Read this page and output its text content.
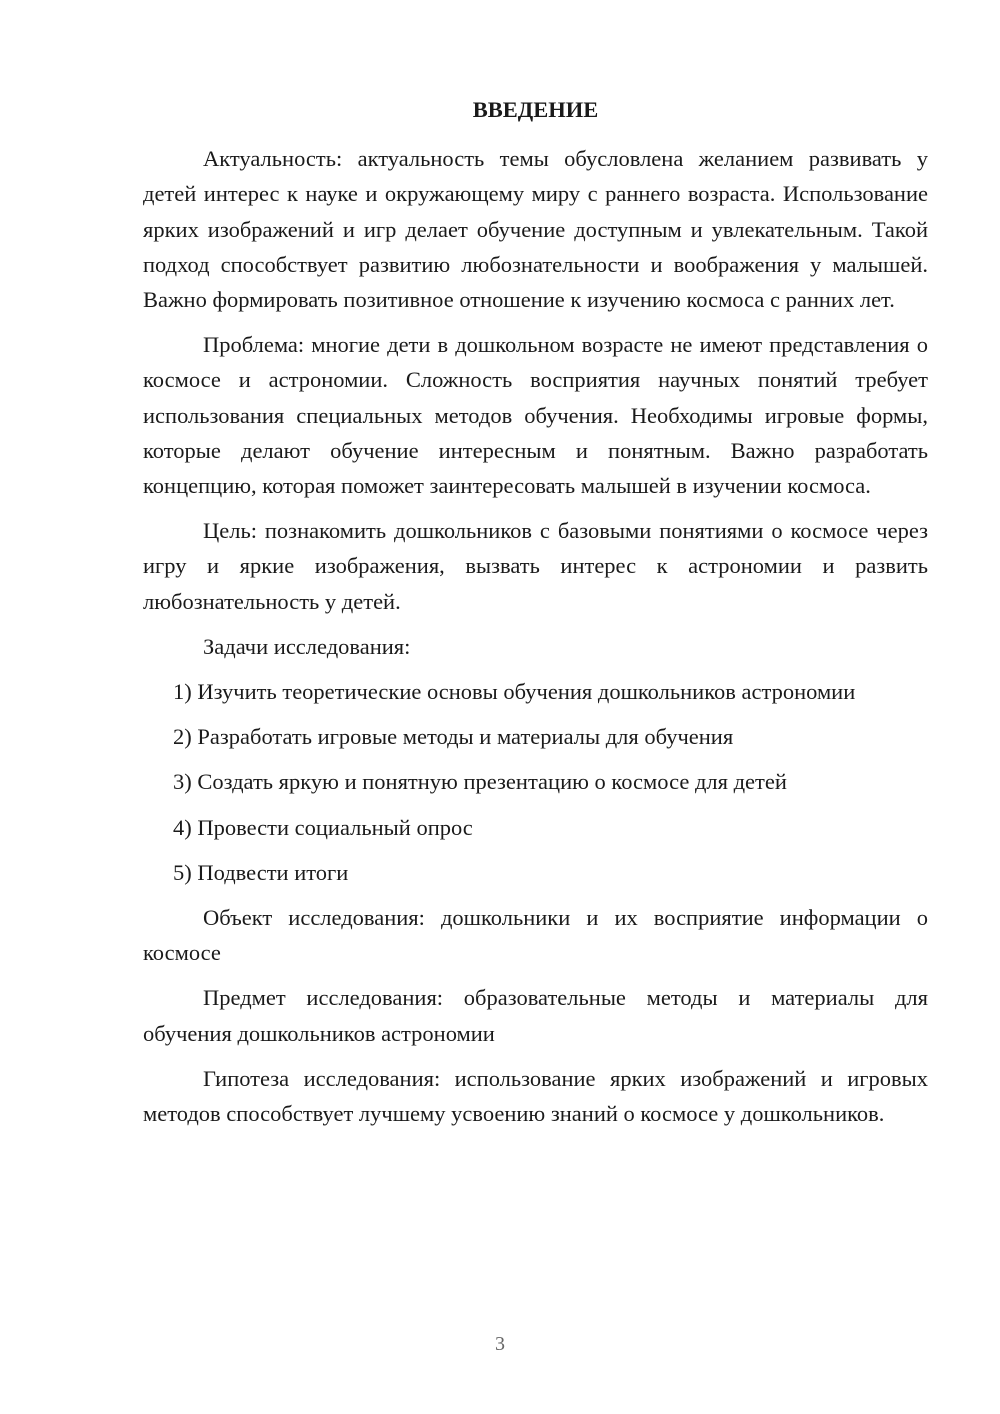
ВВЕДЕНИЕ

Актуальность: актуальность темы обусловлена желанием развивать у детей интерес к науке и окружающему миру с раннего возраста. Использование ярких изображений и игр делает обучение доступным и увлекательным. Такой подход способствует развитию любознательности и воображения у малышей. Важно формировать позитивное отношение к изучению космоса с ранних лет.

Проблема: многие дети в дошкольном возрасте не имеют представления о космосе и астрономии. Сложность восприятия научных понятий требует использования специальных методов обучения. Необходимы игровые формы, которые делают обучение интересным и понятным. Важно разработать концепцию, которая поможет заинтересовать малышей в изучении космоса.

Цель: познакомить дошкольников с базовыми понятиями о космосе через игру и яркие изображения, вызвать интерес к астрономии и развить любознательность у детей.

Задачи исследования:

1) Изучить теоретические основы обучения дошкольников астрономии

2) Разработать игровые методы и материалы для обучения

3) Создать яркую и понятную презентацию о космосе для детей

4) Провести социальный опрос

5) Подвести итоги

Объект исследования: дошкольники и их восприятие информации о космосе

Предмет исследования: образовательные методы и материалы для обучения дошкольников астрономии

Гипотеза исследования: использование ярких изображений и игровых методов способствует лучшему усвоению знаний о космосе у дошкольников.

3
